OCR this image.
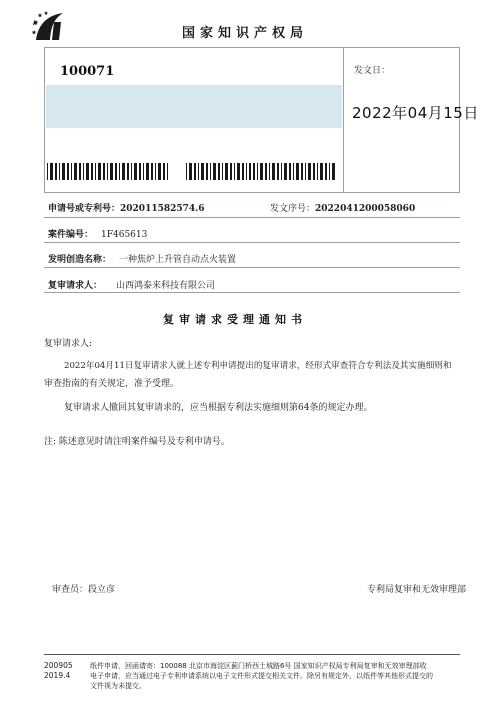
国家知识产权局
100071	发文日：
2022年04月15日
申请号或专利号：202011582574.6	发文序号：2022041200058060
案件编号： 1F465613
发明创造名称： 一种焦炉上升管自动点火装置
复审请求人： 山西鸿泰来科技有限公司
复审请求受理通知书
复审请求人:
2022年04月11日复审请求人就上述专利申请提出的复审请求，经形式审查符合专利法及其实施细则和
审查指南的有关规定，准予受理。
复审请求人撤回其复审请求的，应当根据专利法实施细则第64条的规定办理。
注: 陈述意见时请注明案件编号及专利申请号。
审查员：段立彦	专利局复审和无效审理部
200905
2019.4
纸件申请，回函请寄：100088 北京市海淀区蓟门桥西土城路6号 国家知识产权局专利局复审和无效审理部收
电子申请，应当通过电子专利申请系统以电子文件形式提交相关文件。除另有规定外，以纸件等其他形式提交的
文件视为未提交。
